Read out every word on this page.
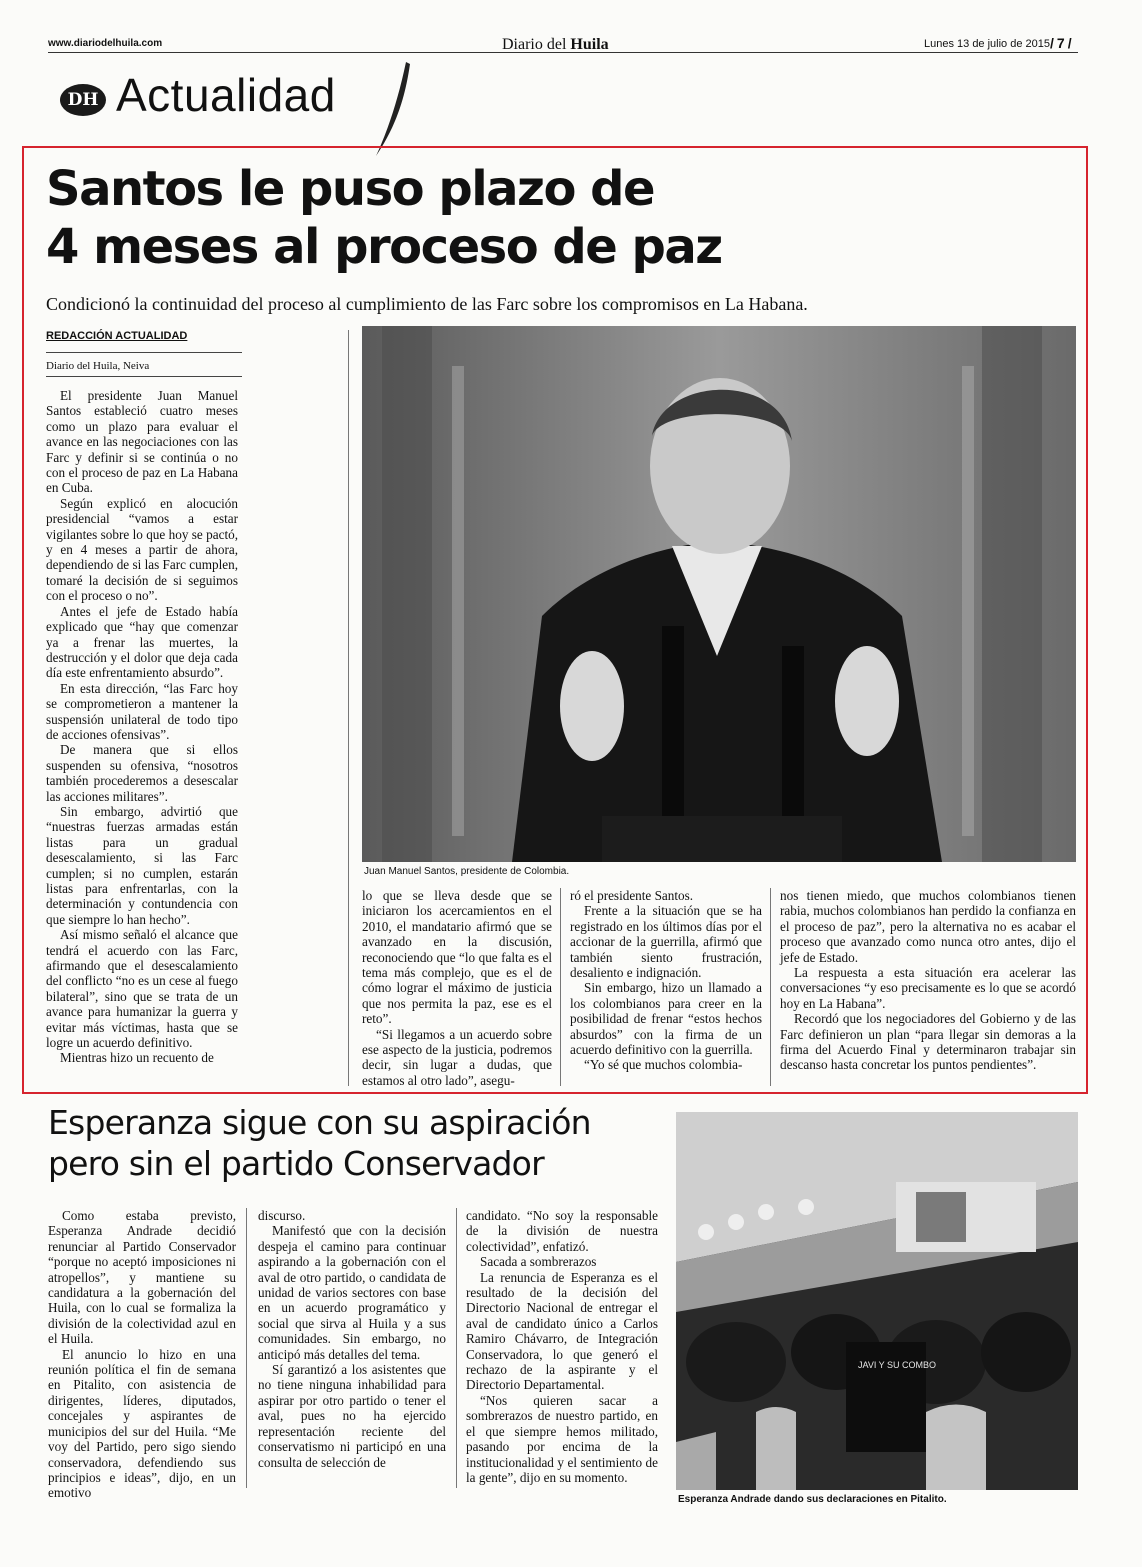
www.diariodelhuila.com	Diario del Huila	Lunes 13 de julio de 2015
/ 7 /
DH Actualidad
Santos le puso plazo de
4 meses al proceso de paz
Condicionó la continuidad del proceso al cumplimiento de las Farc sobre los compromisos en La Habana.
REDACCIÓN ACTUALIDAD
Diario del Huila, Neiva

El presidente Juan Manuel Santos estableció cuatro meses como un plazo para evaluar el avance en las negociaciones con las Farc y definir si se continúa o no con el proceso de paz en La Habana en Cuba.

Según explicó en alocución presidencial “vamos a estar vigilantes sobre lo que hoy se pactó, y en 4 meses a partir de ahora, dependiendo de si las Farc cumplen, tomaré la decisión de si seguimos con el proceso o no”.

Antes el jefe de Estado había explicado que “hay que comenzar ya a frenar las muertes, la destrucción y el dolor que deja cada día este enfrentamiento absurdo”.

En esta dirección, “las Farc hoy se comprometieron a mantener la suspensión unilateral de todo tipo de acciones ofensivas”.

De manera que si ellos suspenden su ofensiva, “nosotros también procederemos a desescalar las acciones militares”.

Sin embargo, advirtió que “nuestras fuerzas armadas están listas para un gradual desescalamiento, si las Farc cumplen; si no cumplen, estarán listas para enfrentarlas, con la determinación y contundencia con que siempre lo han hecho”.

Así mismo señaló el alcance que tendrá el acuerdo con las Farc, afirmando que el desescalamiento del conflicto “no es un cese al fuego bilateral”, sino que se trata de un avance para humanizar la guerra y evitar más víctimas, hasta que se logre un acuerdo definitivo.

Mientras hizo un recuento de

Juan Manuel Santos, presidente de Colombia.

lo que se lleva desde que se iniciaron los acercamientos en el 2010, el mandatario afirmó que se avanzado en la discusión, reconociendo que “lo que falta es el tema más complejo, que es el de cómo lograr el máximo de justicia que nos permita la paz, ese es el reto”.

“Si llegamos a un acuerdo sobre ese aspecto de la justicia, podremos decir, sin lugar a dudas, que estamos al otro lado”, asegu-

ró el presidente Santos.

Frente a la situación que se ha registrado en los últimos días por el accionar de la guerrilla, afirmó que también siento frustración, desaliento e indignación.

Sin embargo, hizo un llamado a los colombianos para creer en la posibilidad de frenar “estos hechos absurdos” con la firma de un acuerdo definitivo con la guerrilla.

“Yo sé que muchos colombia-

nos tienen miedo, que muchos colombianos tienen rabia, muchos colombianos han perdido la confianza en el proceso de paz”, pero la alternativa no es acabar el proceso que avanzado como nunca otro antes, dijo el jefe de Estado.

La respuesta a esta situación era acelerar las conversaciones “y eso precisamente es lo que se acordó hoy en La Habana”.

Recordó que los negociadores del Gobierno y de las Farc definieron un plan “para llegar sin demoras a la firma del Acuerdo Final y determinaron trabajar sin descanso hasta concretar los puntos pendientes”.

Esperanza sigue con su aspiración
pero sin el partido Conservador

Como estaba previsto, Esperanza Andrade decidió renunciar al Partido Conservador “porque no aceptó imposiciones ni atropellos”, y mantiene su candidatura a la gobernación del Huila, con lo cual se formaliza la división de la colectividad azul en el Huila.

El anuncio lo hizo en una reunión política el fin de semana en Pitalito, con asistencia de dirigentes, líderes, diputados, concejales y aspirantes de municipios del sur del Huila. “Me voy del Partido, pero sigo siendo conservadora, defendiendo sus principios e ideas”, dijo, en un emotivo

discurso.

Manifestó que con la decisión despeja el camino para continuar aspirando a la gobernación con el aval de otro partido, o candidata de unidad de varios sectores con base en un acuerdo programático y social que sirva al Huila y a sus comunidades. Sin embargo, no anticipó más detalles del tema.

Sí garantizó a los asistentes que no tiene ninguna inhabilidad para aspirar por otro partido o tener el aval, pues no ha ejercido representación reciente del conservatismo ni participó en una consulta de selección de

candidato. “No soy la responsable de la división de nuestra colectividad”, enfatizó.

Sacada a sombrerazos

La renuncia de Esperanza es el resultado de la decisión del Directorio Nacional de entregar el aval de candidato único a Carlos Ramiro Chávarro, de Integración Conservadora, lo que generó el rechazo de la aspirante y el Directorio Departamental.

“Nos quieren sacar a sombrerazos de nuestro partido, en el que siempre hemos militado, pasando por encima de la institucionalidad y el sentimiento de la gente”, dijo en su momento.

JAVI Y SU COMBO
Esperanza Andrade dando sus declaraciones en Pitalito.
